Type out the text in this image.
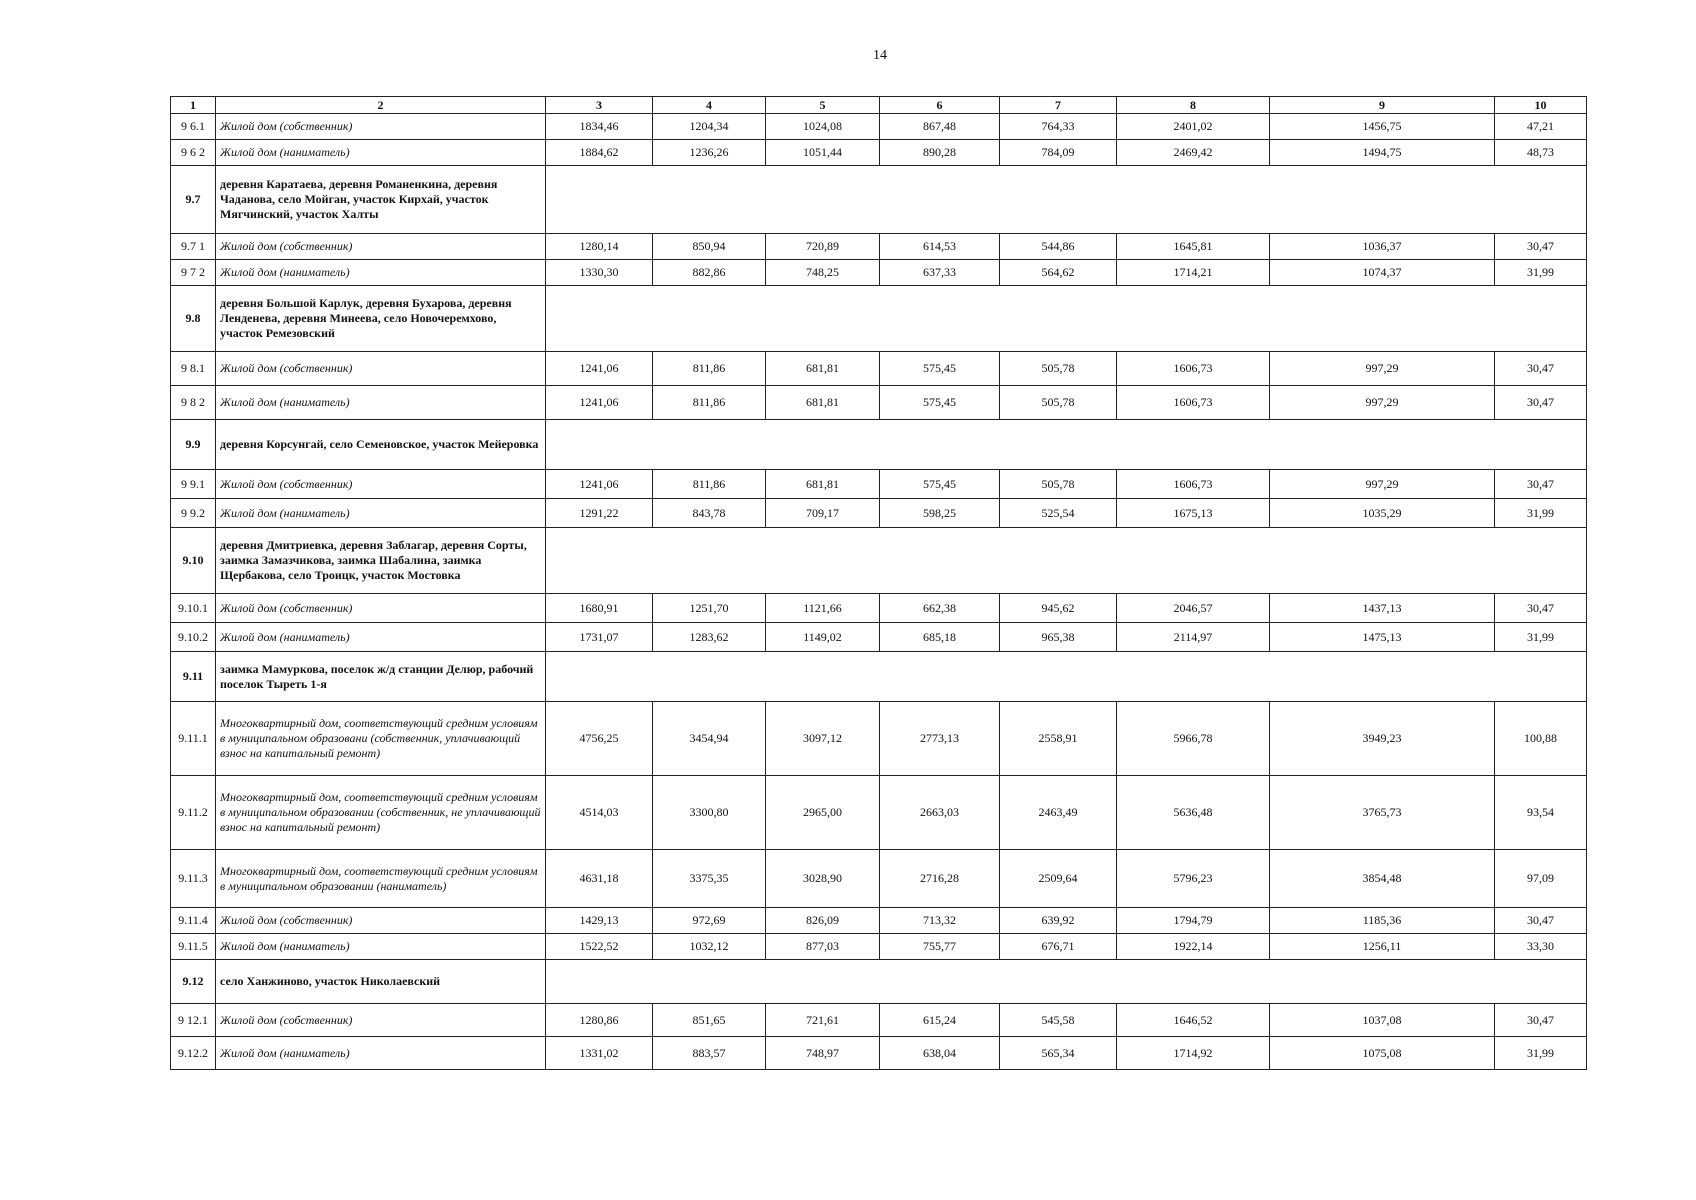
14
1	2	3	4	5	6	7	8	9	10
9 6.1	Жилой дом (собственник)	1834,46	1204,34	1024,08	867,48	764,33	2401,02	1456,75	47,21
9 6 2	Жилой дом (наниматель)	1884,62	1236,26	1051,44	890,28	784,09	2469,42	1494,75	48,73
9.7	деревня Каратаева, деревня Романенкина, деревня Чаданова, село Мойган, участок Кирхай, участок Мягчинский, участок Халты								
9.7 1	Жилой дом (собственник)	1280,14	850,94	720,89	614,53	544,86	1645,81	1036,37	30,47
9 7 2	Жилой дом (наниматель)	1330,30	882,86	748,25	637,33	564,62	1714,21	1074,37	31,99
9.8	деревня Большой Карлук, деревня Бухарова, деревня Ленденева, деревня Минеева, село Новочеремхово, участок Ремезовский								
9 8.1	Жилой дом (собственник)	1241,06	811,86	681,81	575,45	505,78	1606,73	997,29	30,47
9 8 2	Жилой дом (наниматель)	1241,06	811,86	681,81	575,45	505,78	1606,73	997,29	30,47
9.9	деревня Корсунгай, село Семеновское, участок Мейеровка								
9 9.1	Жилой дом (собственник)	1241,06	811,86	681,81	575,45	505,78	1606,73	997,29	30,47
9 9.2	Жилой дом (наниматель)	1291,22	843,78	709,17	598,25	525,54	1675,13	1035,29	31,99
9.10	деревня Дмитриевка, деревня Заблагар, деревня Сорты, заимка Замазчикова, заимка Шабалина, заимка Щербакова, село Троицк, участок Мостовка								
9.10.1	Жилой дом (собственник)	1680,91	1251,70	1121,66	662,38	945,62	2046,57	1437,13	30,47
9.10.2	Жилой дом (наниматель)	1731,07	1283,62	1149,02	685,18	965,38	2114,97	1475,13	31,99
9.11	заимка Мамуркова, поселок ж/д станции Делюр, рабочий поселок Тыреть 1-я								
9.11.1	Многоквартирный дом, соответствующий средним условиям в муниципальном образовани (собственник, уплачивающий взнос на капитальный ремонт)	4756,25	3454,94	3097,12	2773,13	2558,91	5966,78	3949,23	100,88
9.11.2	Многоквартирный дом, соответствующий средним условиям в муниципальном образовании (собственник, не уплачивающий взнос на капитальный ремонт)	4514,03	3300,80	2965,00	2663,03	2463,49	5636,48	3765,73	93,54
9.11.3	Многоквартирный дом, соответствующий средним условиям в муниципальном образовании (наниматель)	4631,18	3375,35	3028,90	2716,28	2509,64	5796,23	3854,48	97,09
9.11.4	Жилой дом (собственник)	1429,13	972,69	826,09	713,32	639,92	1794,79	1185,36	30,47
9.11.5	Жилой дом (наниматель)	1522,52	1032,12	877,03	755,77	676,71	1922,14	1256,11	33,30
9.12	село Ханжиново, участок Николаевский								
9 12.1	Жилой дом (собственник)	1280,86	851,65	721,61	615,24	545,58	1646,52	1037,08	30,47
9.12.2	Жилой дом (наниматель)	1331,02	883,57	748,97	638,04	565,34	1714,92	1075,08	31,99
